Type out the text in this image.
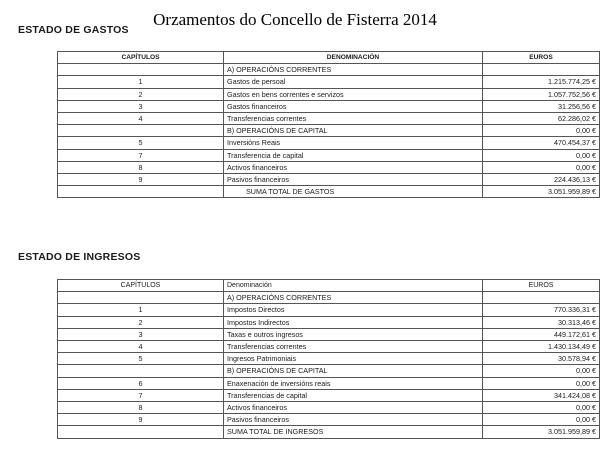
Orzamentos do Concello de Fisterra 2014
ESTADO DE GASTOS
CAPÍTULOS	DENOMINACIÓN	EUROS
	A) OPERACIÓNS CORRENTES	
1	Gastos de persoal	1.215.774,25 €
2	Gastos en bens correntes e servizos	1.057.752,56 €
3	Gastos financeiros	31.256,56 €
4	Transferencias correntes	62.286,02 €
	B) OPERACIÓNS DE CAPITAL	0,00 €
5	Inversións Reais	470.454,37 €
7	Transferencia de capital	0,00 €
8	Activos financeiros	0,00 €
9	Pasivos financeiros	224.436,13 €
	SUMA TOTAL DE GASTOS	3.051.959,89 €
ESTADO DE INGRESOS
CAPÍTULOS	Denominación	EUROS
	A) OPERACIÓNS CORRENTES	
1	Impostos Directos	770.336,31 €
2	Impostos Indirectos	30.313,46 €
3	Taxas e outros ingresos	449.172,61 €
4	Transferencias correntes	1.430.134,49 €
5	Ingresos Patrimoniais	30.578,94 €
	B) OPERACIÓNS DE CAPITAL	0,00 €
6	Enaxenación de inversións reais	0,00 €
7	Transferencias de capital	341.424,08 €
8	Activos financeiros	0,00 €
9	Pasivos financeiros	0,00 €
	SUMA TOTAL DE INGRESOS	3.051.959,89 €
